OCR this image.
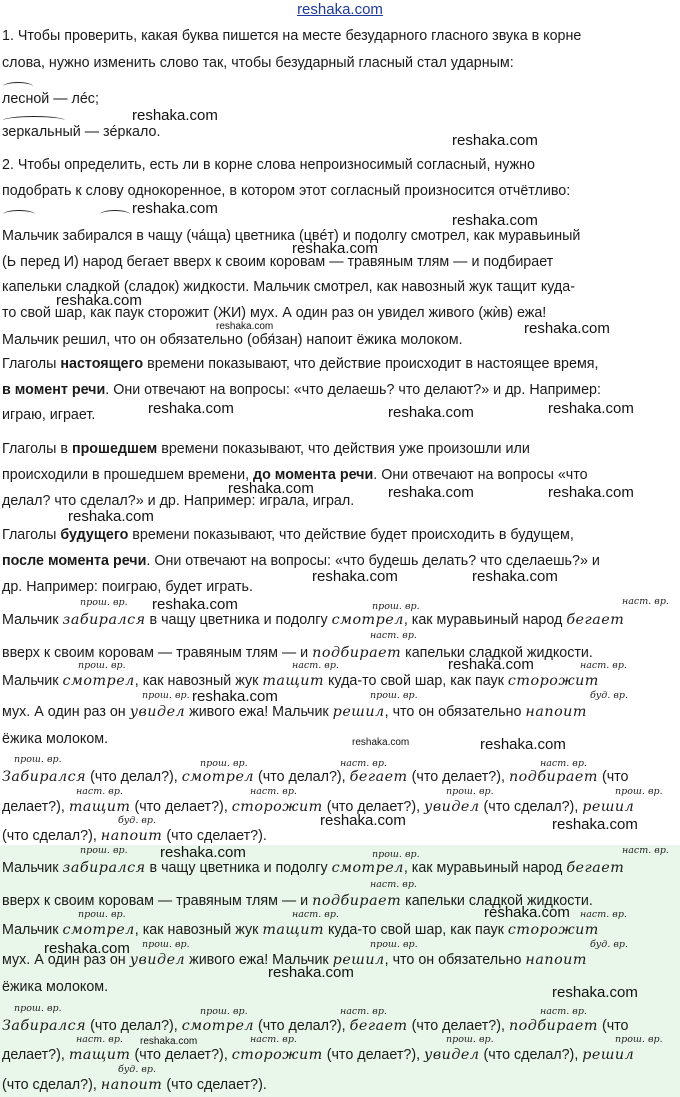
reshaka.com
1. Чтобы проверить, какая буква пишется на месте безударного гласного звука в корне
слова, нужно изменить слово так, чтобы безударный гласный стал ударным:
лесной — лéс;
зеркальный — зéркало.
2. Чтобы определить, есть ли в корне слова непроизносимый согласный, нужно
подобрать к слову однокоренное, в котором этот согласный произносится отчётливо:
Мальчик забирался в чащу (чáща) цветника (цвéт) и подолгу смотрел, как муравьиный
(Ь перед И) народ бегает вверх к своим коровам — травяным тлям — и подбирает
капельки сладкой (сладок) жидкости. Мальчик смотрел, как навозный жук тащит куда-
то свой шар, как паук сторожит (ЖИ) мух. А один раз он увидел живого (жѝв) ежа!
Мальчик решил, что он обязательно (обя́зан) напоит ёжика молоком.
Глаголы настоящего времени показывают, что действие происходит в настоящее время,
в момент речи. Они отвечают на вопросы: «что делаешь? что делают?» и др. Например:
играю, играет.
Глаголы в прошедшем времени показывают, что действия уже произошли или
происходили в прошедшем времени, до момента речи. Они отвечают на вопросы «что
делал? что сделал?» и др. Например: играла, играл.
Глаголы будущего времени показывают, что действие будет происходить в будущем,
после момента речи. Они отвечают на вопросы: «что будешь делать? что сделаешь?» и
др. Например: поиграю, будет играть.
прош. вр.	прош. вр.	наст. вр.
Мальчик забирался в чащу цветника и подолгу смотрел, как муравьиный народ бегает
наст. вр.
вверх к своим коровам — травяным тлям — и подбирает капельки сладкой жидкости.
прош. вр.	наст. вр.	наст. вр.
Мальчик смотрел, как навозный жук тащит куда-то свой шар, как паук сторожит
прош. вр.	прош. вр.	буд. вр.
мух. А один раз он увидел живого ежа! Мальчик решил, что он обязательно напоит
ёжика молоком.
прош. вр.	прош. вр.	наст. вр.	наст. вр.
Забирался (что делал?), смотрел (что делал?), бегает (что делает?), подбирает (что
наст. вр.	наст. вр.	прош. вр.	прош. вр.
делает?), тащит (что делает?), сторожит (что делает?), увидел (что сделал?), решил
буд. вр.
(что сделал?), напоит (что сделает?).
прош. вр.	прош. вр.	наст. вр.
Мальчик забирался в чащу цветника и подолгу смотрел, как муравьиный народ бегает
наст. вр.
вверх к своим коровам — травяным тлям — и подбирает капельки сладкой жидкости.
прош. вр.	наст. вр.	наст. вр.
Мальчик смотрел, как навозный жук тащит куда-то свой шар, как паук сторожит
прош. вр.	прош. вр.	буд. вр.
мух. А один раз он увидел живого ежа! Мальчик решил, что он обязательно напоит
ёжика молоком.
прош. вр.	прош. вр.	наст. вр.	наст. вр.
Забирался (что делал?), смотрел (что делал?), бегает (что делает?), подбирает (что
наст. вр.	наст. вр.	прош. вр.	прош. вр.
делает?), тащит (что делает?), сторожит (что делает?), увидел (что сделал?), решил
буд. вр.
(что сделал?), напоит (что сделает?).
reshaka.com
reshaka.com
reshaka.com
reshaka.com
reshaka.com
reshaka.com
reshaka.com
reshaka.com
reshaka.com	reshaka.com	reshaka.com
reshaka.com	reshaka.com	reshaka.com
reshaka.com
reshaka.com	reshaka.com
reshaka.com
reshaka.com
reshaka.com
reshaka.com	reshaka.com
reshaka.com	reshaka.com
reshaka.com
reshaka.com
reshaka.com
reshaka.com
reshaka.com
reshaka.com
